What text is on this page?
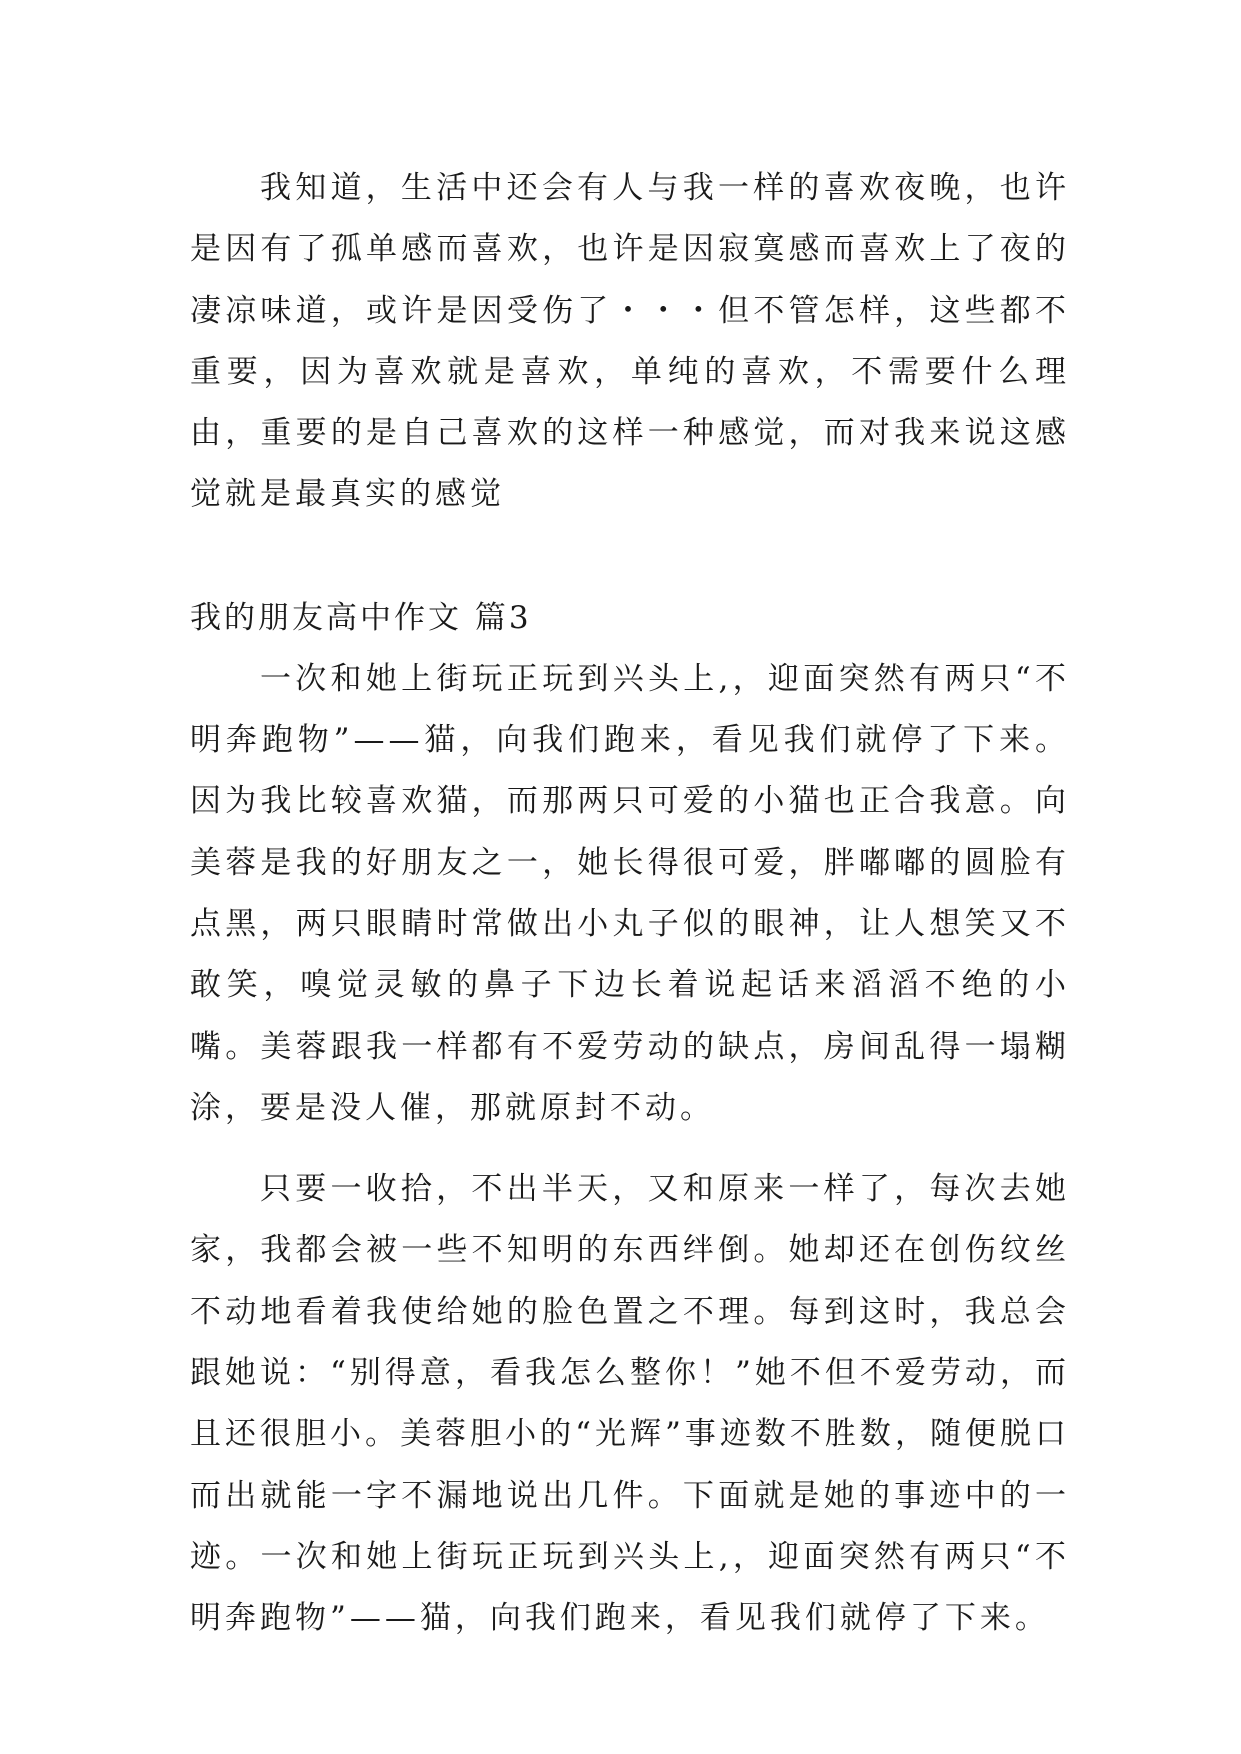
我知道，生活中还会有人与我一样的喜欢夜晚，也许是因有了孤单感而喜欢，也许是因寂寞感而喜欢上了夜的凄凉味道，或许是因受伤了・・・但不管怎样，这些都不重要，因为喜欢就是喜欢，单纯的喜欢，不需要什么理由，重要的是自己喜欢的这样一种感觉，而对我来说这感觉就是最真实的感觉

我的朋友高中作文 篇3

一次和她上街玩正玩到兴头上,，迎面突然有两只“不明奔跑物”——猫，向我们跑来，看见我们就停了下来。因为我比较喜欢猫，而那两只可爱的小猫也正合我意。向美蓉是我的好朋友之一，她长得很可爱，胖嘟嘟的圆脸有点黑，两只眼睛时常做出小丸子似的眼神，让人想笑又不敢笑，嗅觉灵敏的鼻子下边长着说起话来滔滔不绝的小嘴。美蓉跟我一样都有不爱劳动的缺点，房间乱得一塌糊涂，要是没人催，那就原封不动。

只要一收拾，不出半天，又和原来一样了，每次去她家，我都会被一些不知明的东西绊倒。她却还在创伤纹丝不动地看着我使给她的脸色置之不理。每到这时，我总会跟她说：“别得意，看我怎么整你！”她不但不爱劳动，而且还很胆小。美蓉胆小的“光辉”事迹数不胜数，随便脱口而出就能一字不漏地说出几件。下面就是她的事迹中的一迹。一次和她上街玩正玩到兴头上,，迎面突然有两只“不明奔跑物”——猫，向我们跑来，看见我们就停了下来。
